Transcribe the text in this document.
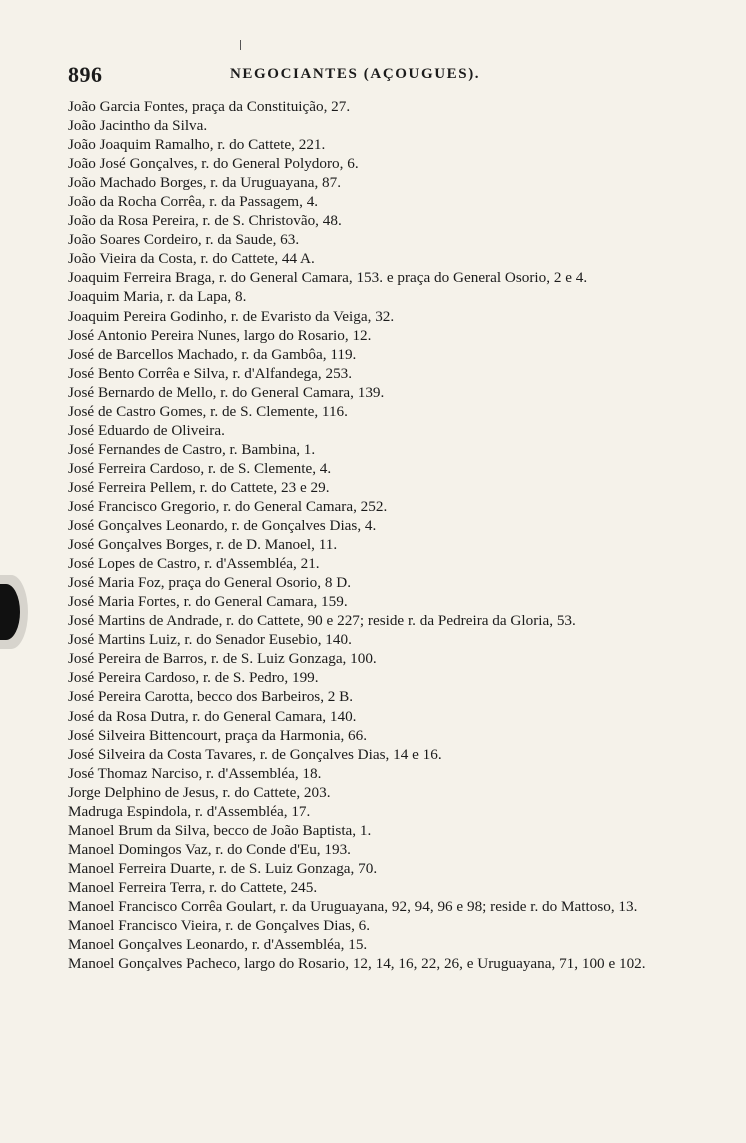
896	NEGOCIANTES (AÇOUGUES).
João Garcia Fontes, praça da Constituição, 27.
João Jacintho da Silva.
João Joaquim Ramalho, r. do Cattete, 221.
João José Gonçalves, r. do General Polydoro, 6.
João Machado Borges, r. da Uruguayana, 87.
João da Rocha Corrêa, r. da Passagem, 4.
João da Rosa Pereira, r. de S. Christovão, 48.
João Soares Cordeiro, r. da Saude, 63.
João Vieira da Costa, r. do Cattete, 44 A.
Joaquim Ferreira Braga, r. do General Camara, 153. e praça do General Osorio, 2 e 4.
Joaquim Maria, r. da Lapa, 8.
Joaquim Pereira Godinho, r. de Evaristo da Veiga, 32.
José Antonio Pereira Nunes, largo do Rosario, 12.
José de Barcellos Machado, r. da Gambôa, 119.
José Bento Corrêa e Silva, r. d'Alfandega, 253.
José Bernardo de Mello, r. do General Camara, 139.
José de Castro Gomes, r. de S. Clemente, 116.
José Eduardo de Oliveira.
José Fernandes de Castro, r. Bambina, 1.
José Ferreira Cardoso, r. de S. Clemente, 4.
José Ferreira Pellem, r. do Cattete, 23 e 29.
José Francisco Gregorio, r. do General Camara, 252.
José Gonçalves Leonardo, r. de Gonçalves Dias, 4.
José Gonçalves Borges, r. de D. Manoel, 11.
José Lopes de Castro, r. d'Assembléa, 21.
José Maria Foz, praça do General Osorio, 8 D.
José Maria Fortes, r. do General Camara, 159.
José Martins de Andrade, r. do Cattete, 90 e 227; reside r. da Pedreira da Gloria, 53.
José Martins Luiz, r. do Senador Eusebio, 140.
José Pereira de Barros, r. de S. Luiz Gonzaga, 100.
José Pereira Cardoso, r. de S. Pedro, 199.
José Pereira Carotta, becco dos Barbeiros, 2 B.
José da Rosa Dutra, r. do General Camara, 140.
José Silveira Bittencourt, praça da Harmonia, 66.
José Silveira da Costa Tavares, r. de Gonçalves Dias, 14 e 16.
José Thomaz Narciso, r. d'Assembléa, 18.
Jorge Delphino de Jesus, r. do Cattete, 203.
Madruga Espindola, r. d'Assembléa, 17.
Manoel Brum da Silva, becco de João Baptista, 1.
Manoel Domingos Vaz, r. do Conde d'Eu, 193.
Manoel Ferreira Duarte, r. de S. Luiz Gonzaga, 70.
Manoel Ferreira Terra, r. do Cattete, 245.
Manoel Francisco Corrêa Goulart, r. da Uruguayana, 92, 94, 96 e 98; reside r. do Mattoso, 13.
Manoel Francisco Vieira, r. de Gonçalves Dias, 6.
Manoel Gonçalves Leonardo, r. d'Assembléa, 15.
Manoel Gonçalves Pacheco, largo do Rosario, 12, 14, 16, 22, 26, e Uruguayana, 71, 100 e 102.
